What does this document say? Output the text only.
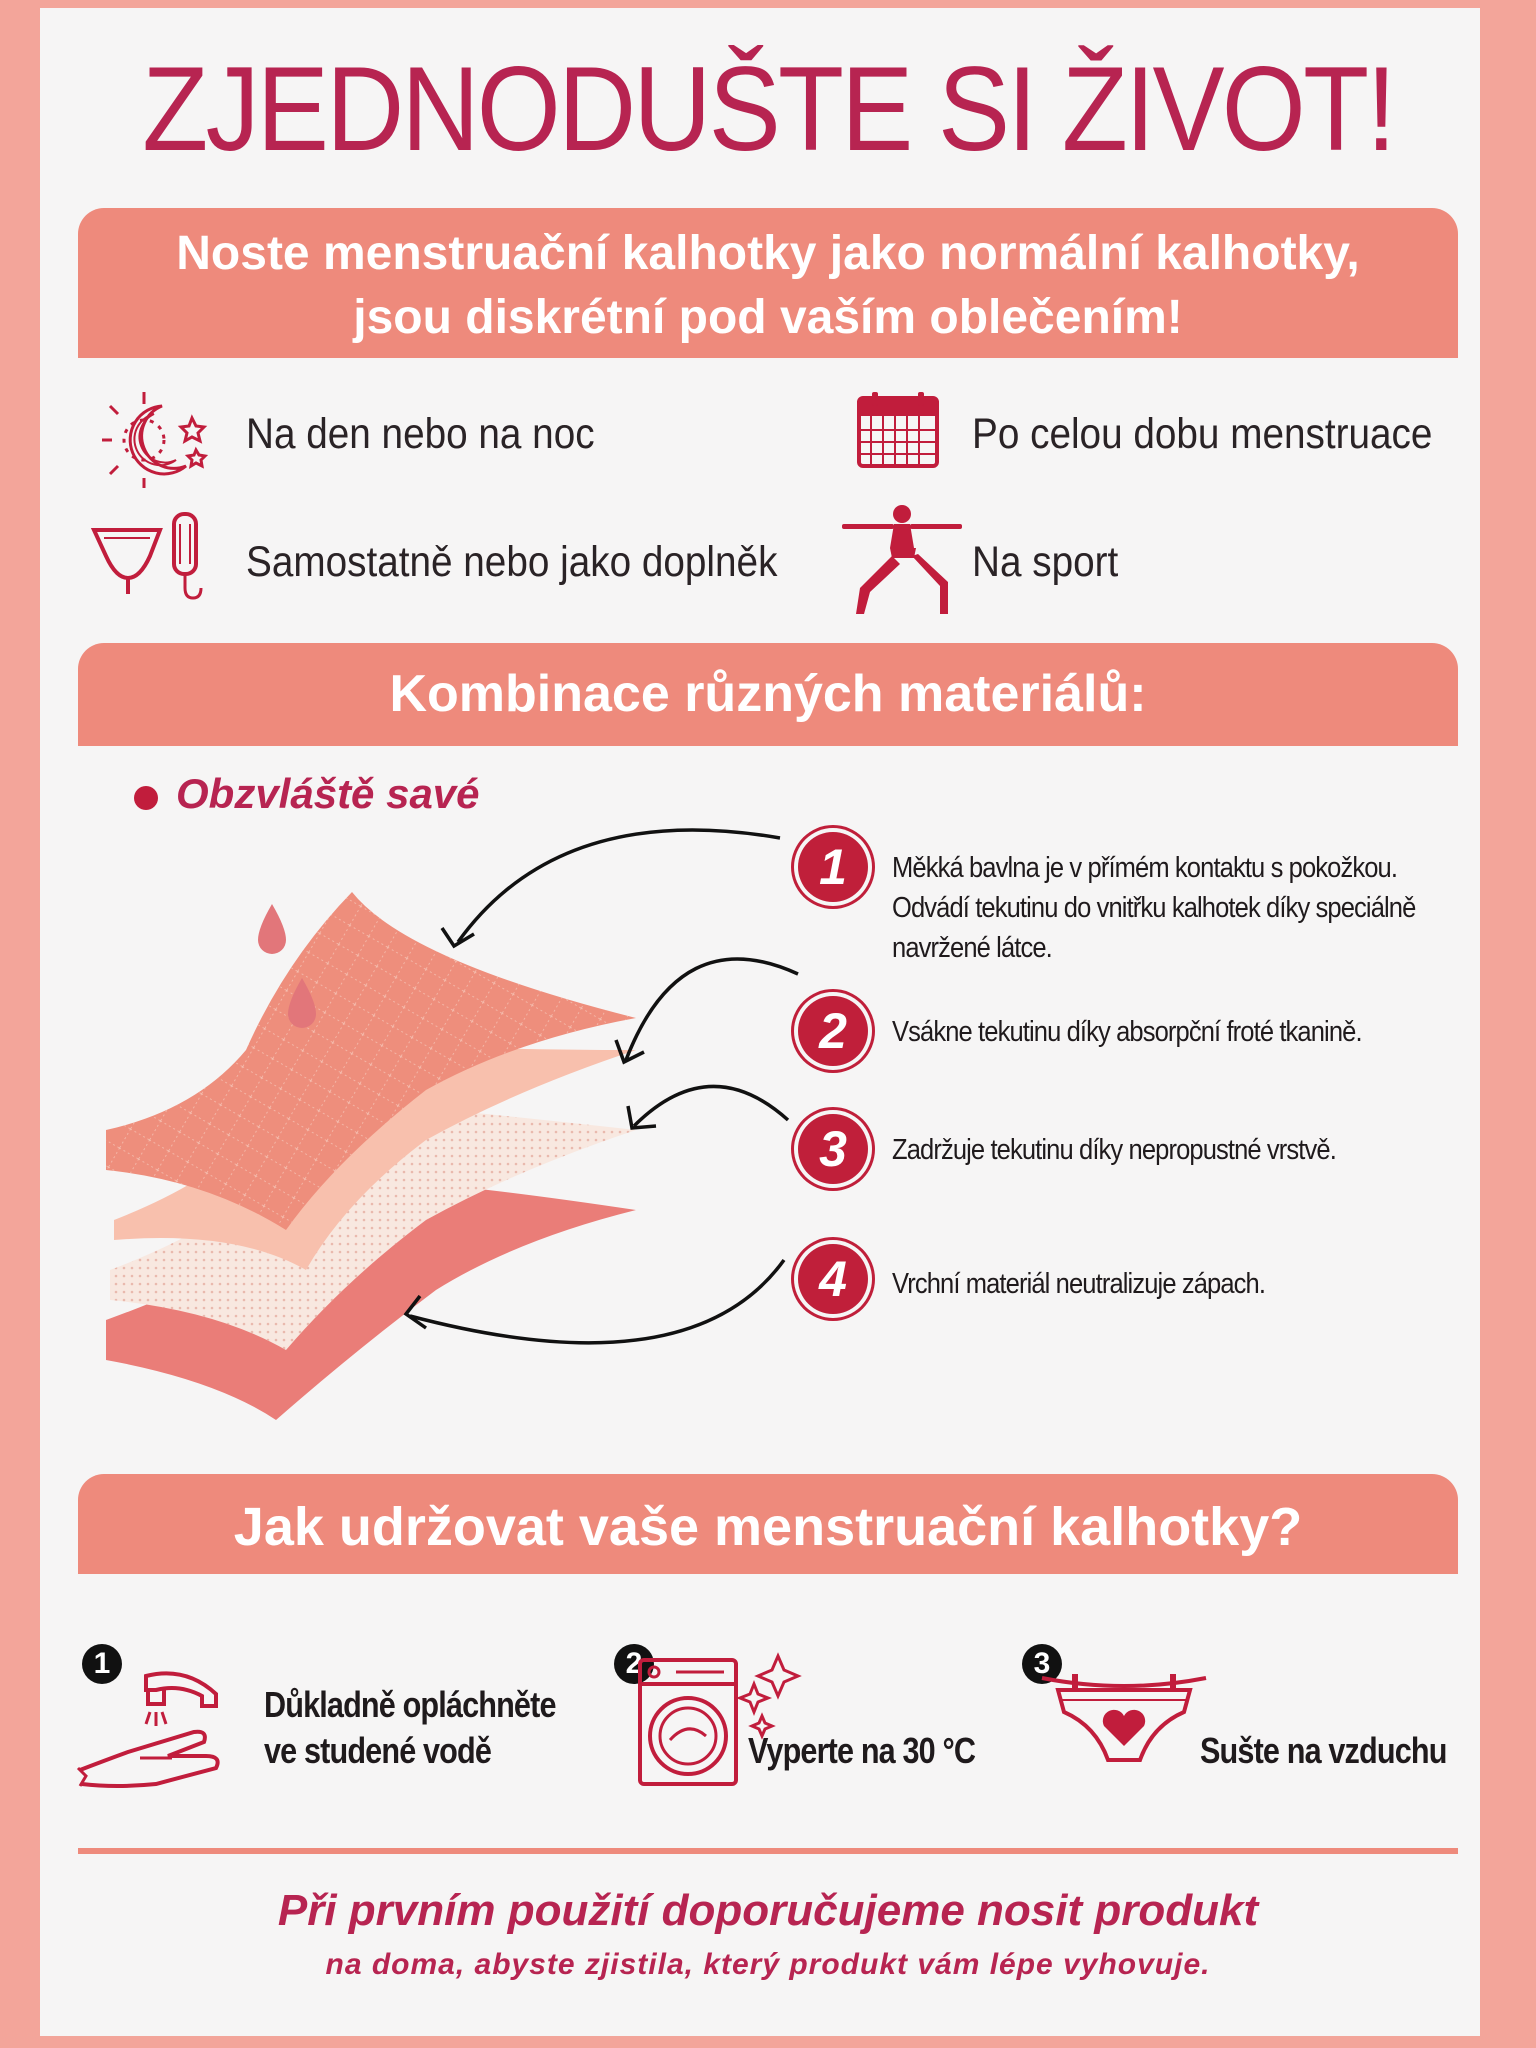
ZJEDNODUŠTE SI ŽIVOT!
Noste menstruační kalhotky jako normální kalhotky,
jsou diskrétní pod vaším oblečením!
Na den nebo na noc	Po celou dobu menstruace
Samostatně nebo jako doplněk	Na sport
Kombinace různých materiálů:
Obzvláště savé
1	Měkká bavlna je v přímém kontaktu s pokožkou.
Odvádí tekutinu do vnitřku kalhotek díky speciálně
navržené látce.
2	Vsákne tekutinu díky absorpční froté tkanině.
3	Zadržuje tekutinu díky nepropustné vrstvě.
4	Vrchní materiál neutralizuje zápach.
Jak udržovat vaše menstruační kalhotky?
1
Důkladně opláchněte
ve studené vodě
2
Vyperte na 30 °C
3
Sušte na vzduchu
Při prvním použití doporučujeme nosit produkt
na doma, abyste zjistila, který produkt vám lépe vyhovuje.
